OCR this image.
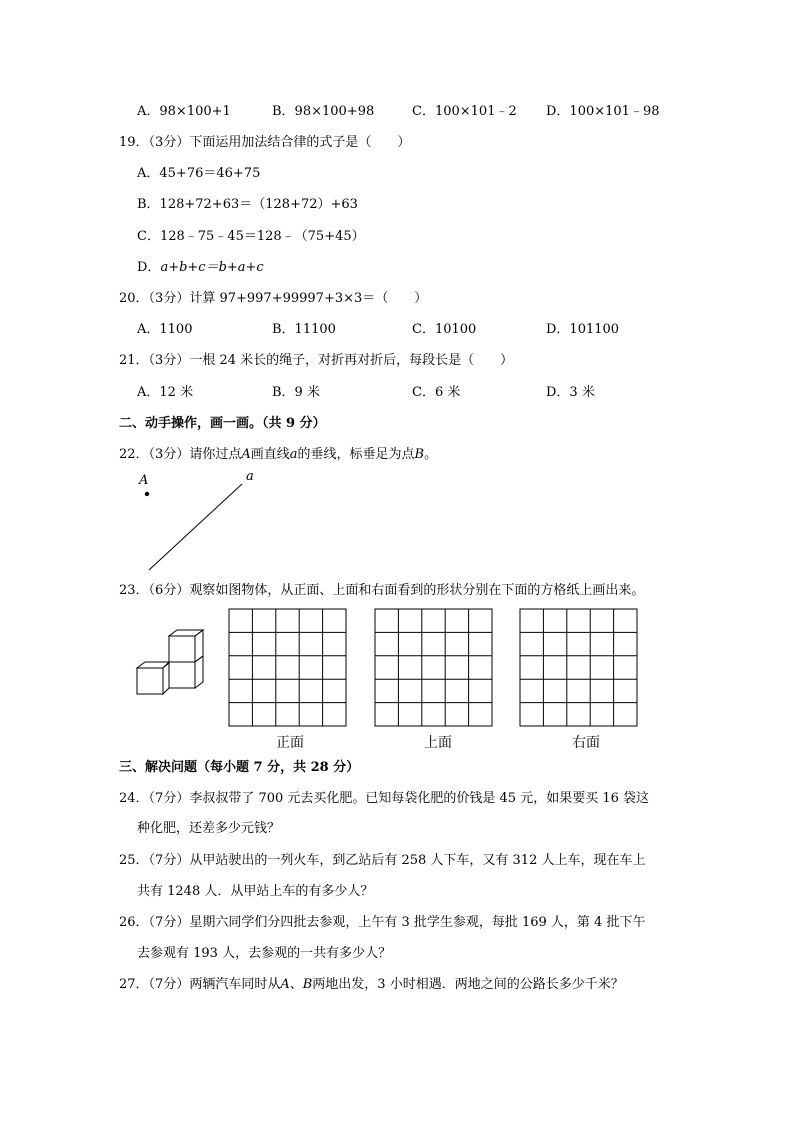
A．98×100+1	B．98×100+98	C．100×101﹣2 D．100×101﹣98
19．（3分）下面运用加法结合律的式子是（　　）
A．45+76＝46+75
B．128+72+63＝（128+72）+63
C．128﹣75﹣45＝128﹣（75+45）
D．a+b+c＝b+a+c
20．（3分）计算 97+997+99997+3×3＝（　　）
A．1100	B．11100	C．10100	D．101100
21．（3分）一根 24 米长的绳子，对折再对折后，每段长是（　　）
A．12 米	B．9 米	C．6 米	D．3 米
二、动手操作，画一画。（共 9 分）
22．（3分）请你过点A画直线a的垂线，标垂足为点B。
A	a
23．（6分）观察如图物体，从正面、上面和右面看到的形状分别在下面的方格纸上画出来。
正面	上面	右面
三、解决问题（每小题 7 分，共 28 分）
24．（7分）李叔叔带了 700 元去买化肥。已知每袋化肥的价钱是 45 元，如果要买 16 袋这
种化肥，还差多少元钱？
25．（7分）从甲站驶出的一列火车，到乙站后有 258 人下车，又有 312 人上车，现在车上
共有 1248 人．从甲站上车的有多少人？
26．（7分）星期六同学们分四批去参观，上午有 3 批学生参观，每批 169 人，第 4 批下午
去参观有 193 人，去参观的一共有多少人？
27．（7分）两辆汽车同时从A、B两地出发，3 小时相遇．两地之间的公路长多少千米？
